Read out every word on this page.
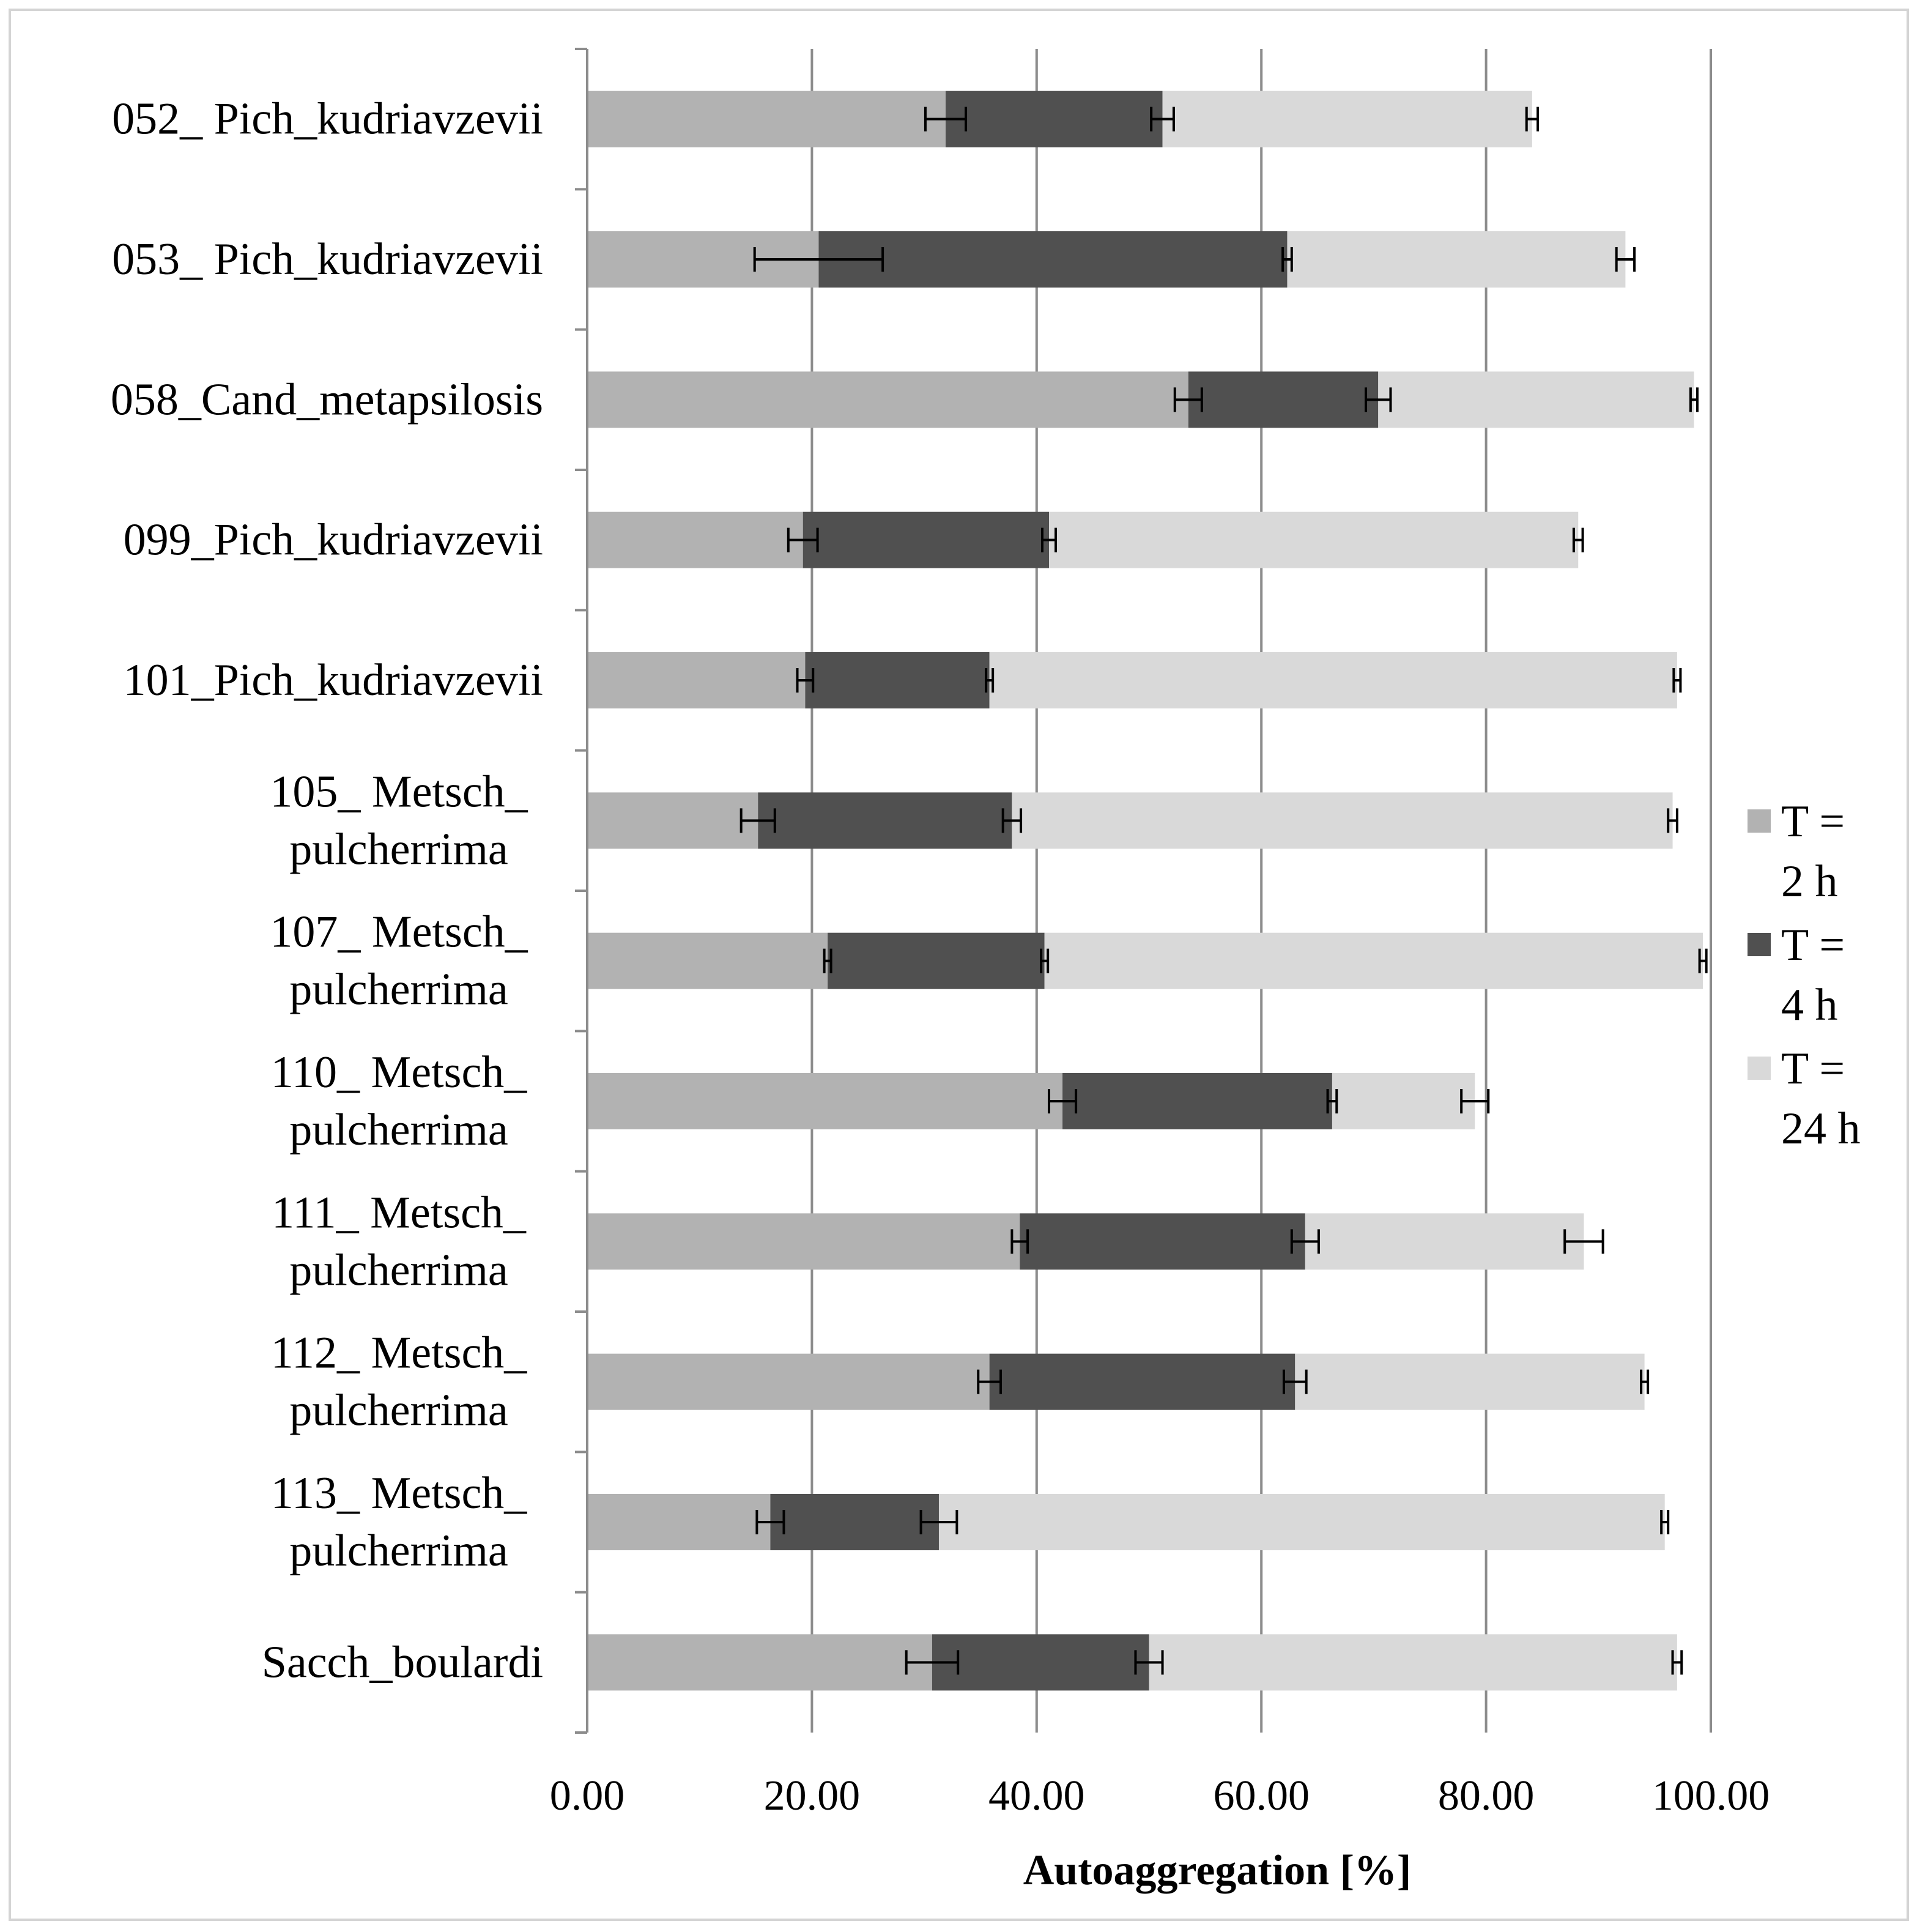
052_ Pich_kudriavzevii
053_ Pich_kudriavzevii
058_Cand_metapsilosis
099_Pich_kudriavzevii
101_Pich_kudriavzevii
105_ Metsch_ pulcherrima
107_ Metsch_ pulcherrima
110_ Metsch_ pulcherrima
111_ Metsch_ pulcherrima
112_ Metsch_ pulcherrima
113_ Metsch_ pulcherrima
Sacch_boulardi
0.00	20.00	40.00	60.00	80.00	100.00
Autoaggregation [%]
T = 2 h
T = 4 h
T = 24 h
